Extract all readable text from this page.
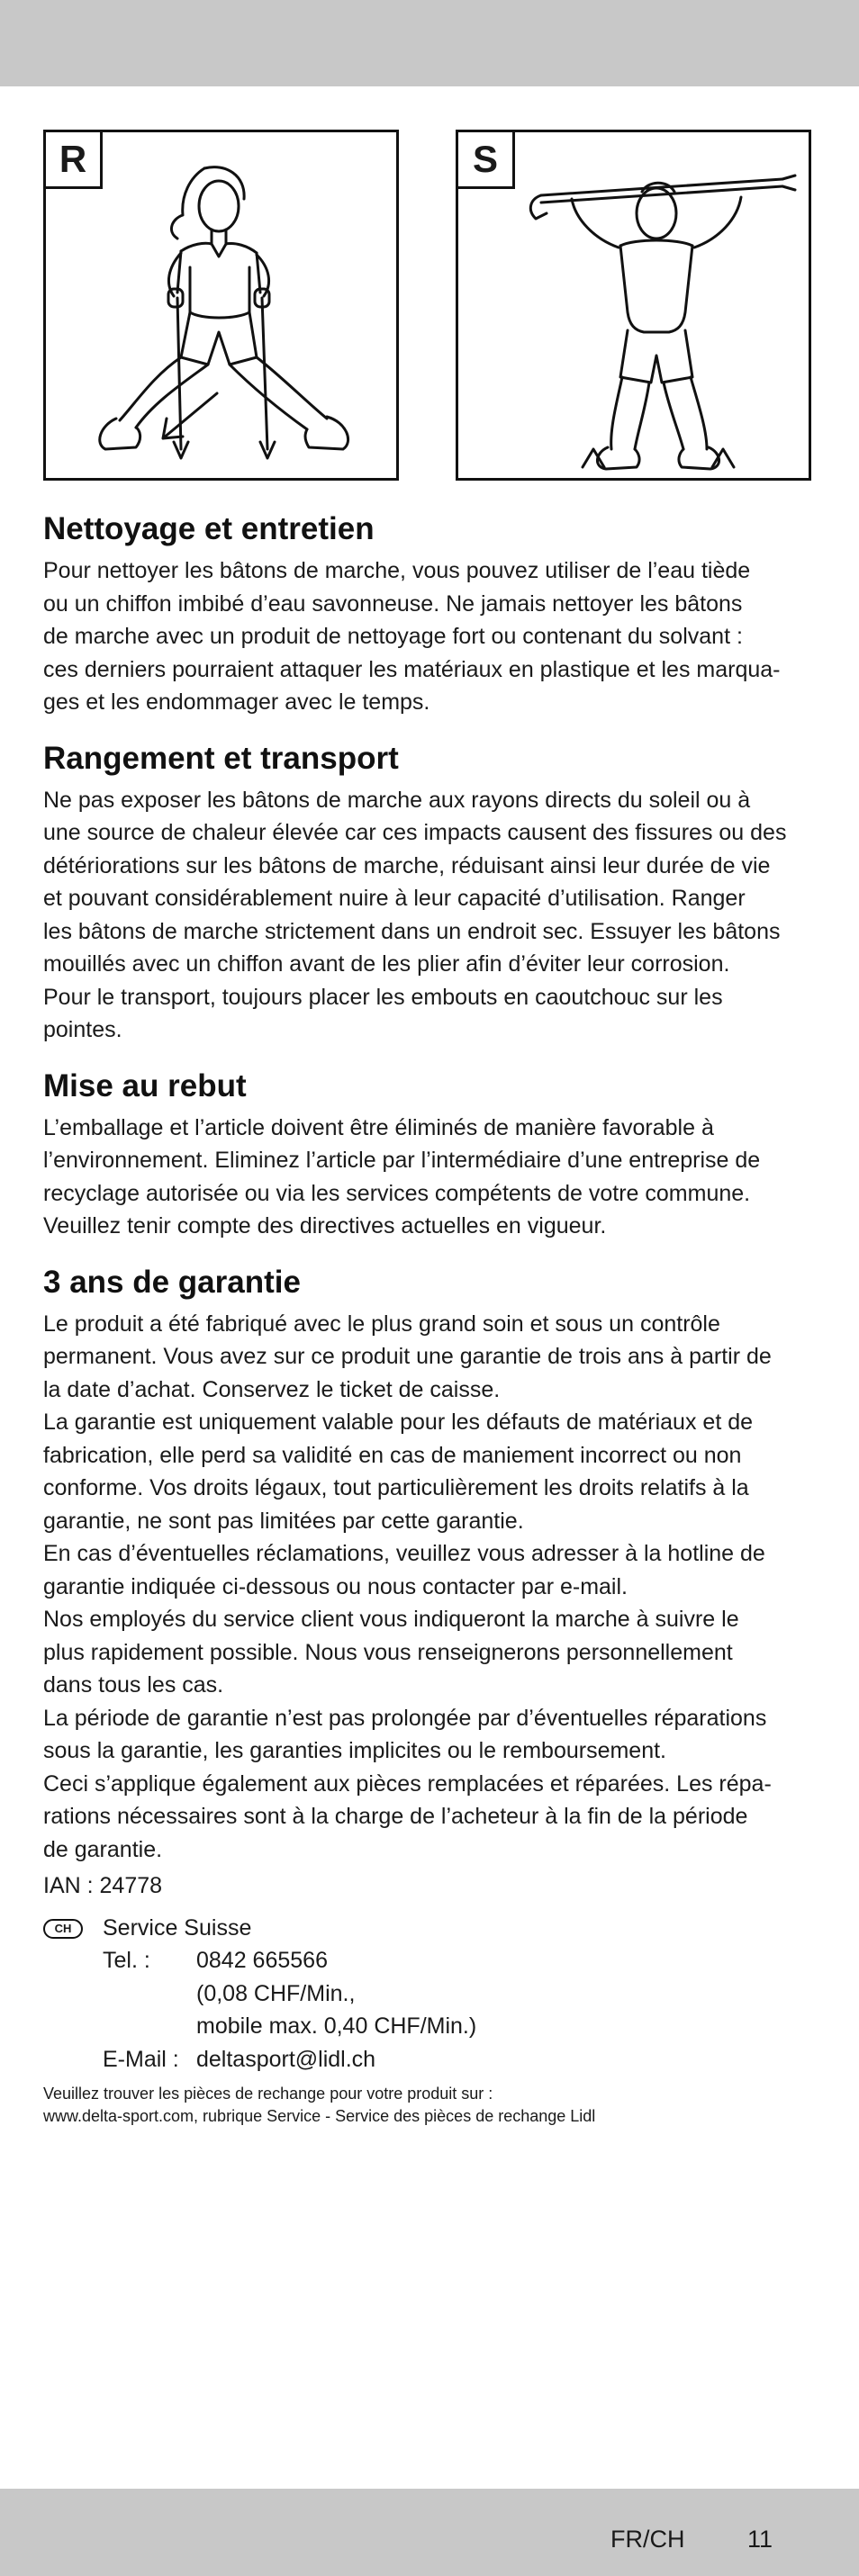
R	S
Nettoyage et entretien

Pour nettoyer les bâtons de marche, vous pouvez utiliser de l’eau tiède
ou un chiffon imbibé d’eau savonneuse. Ne jamais nettoyer les bâtons
de marche avec un produit de nettoyage fort ou contenant du solvant :
ces derniers pourraient attaquer les matériaux en plastique et les marqua-
ges et les endommager avec le temps.

Rangement et transport

Ne pas exposer les bâtons de marche aux rayons directs du soleil ou à
une source de chaleur élevée car ces impacts causent des fissures ou des
détériorations sur les bâtons de marche, réduisant ainsi leur durée de vie
et pouvant considérablement nuire à leur capacité d’utilisation. Ranger
les bâtons de marche strictement dans un endroit sec. Essuyer les bâtons
mouillés avec un chiffon avant de les plier afin d’éviter leur corrosion.
Pour le transport, toujours placer les embouts en caoutchouc sur les
pointes.

Mise au rebut

L’emballage et l’article doivent être éliminés de manière favorable à
l’environnement. Eliminez l’article par l’intermédiaire d’une entreprise de
recyclage autorisée ou via les services compétents de votre commune.
Veuillez tenir compte des directives actuelles en vigueur.

3 ans de garantie

Le produit a été fabriqué avec le plus grand soin et sous un contrôle
permanent. Vous avez sur ce produit une garantie de trois ans à partir de
la date d’achat. Conservez le ticket de caisse.
La garantie est uniquement valable pour les défauts de matériaux et de
fabrication, elle perd sa validité en cas de maniement incorrect ou non
conforme. Vos droits légaux, tout particulièrement les droits relatifs à la
garantie, ne sont pas limitées par cette garantie.
En cas d’éventuelles réclamations, veuillez vous adresser à la hotline de
garantie indiquée ci-dessous ou nous contacter par e-mail.
Nos employés du service client vous indiqueront la marche à suivre le
plus rapidement possible. Nous vous renseignerons personnellement
dans tous les cas.
La période de garantie n’est pas prolongée par d’éventuelles réparations
sous la garantie, les garanties implicites ou le remboursement.
Ceci s’applique également aux pièces remplacées et réparées. Les répa-
rations nécessaires sont à la charge de l’acheteur à la fin de la période
de garantie.

IAN : 24778
CH	Service Suisse
Tel. : 0842 665566
(0,08 CHF/Min.,
mobile max. 0,40 CHF/Min.)
E-Mail : deltasport@lidl.ch
Veuillez trouver les pièces de rechange pour votre produit sur :
www.delta-sport.com, rubrique Service - Service des pièces de rechange Lidl
FR/CH	11
